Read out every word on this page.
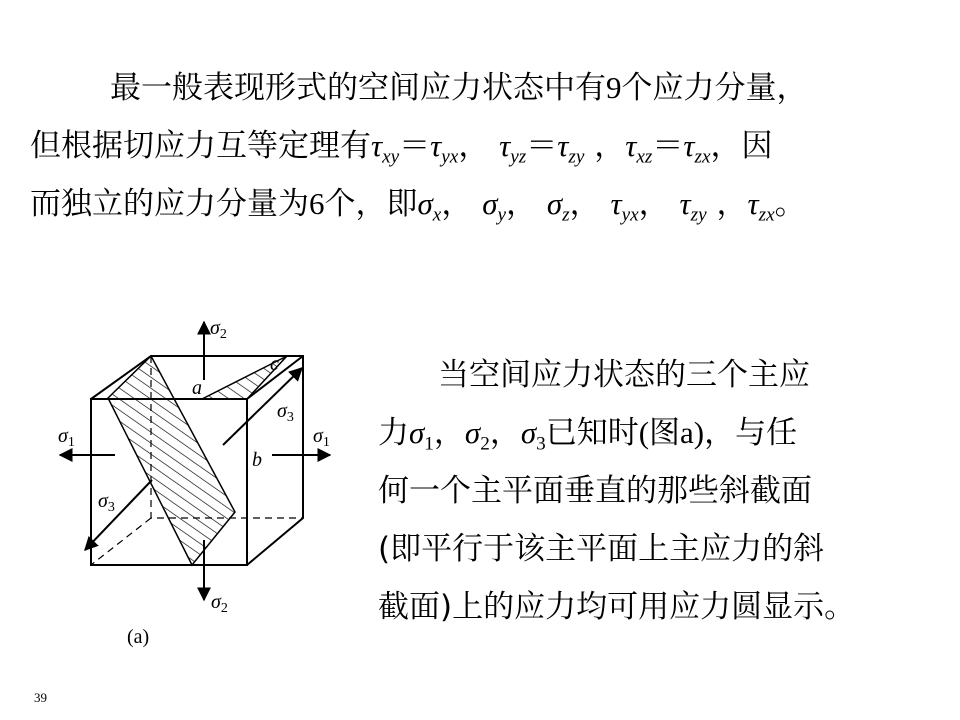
最一般表现形式的空间应力状态中有9个应力分量，
但根据切应力互等定理有$\tau_{xy}=\tau_{yx}$， $\tau_{yz}=\tau_{zy}$ ，$\tau_{xz}=\tau_{zx}$，因
而独立的应力分量为6个，即$\sigma_x$， $\sigma_y$， $\sigma_z$， $\tau_{yx}$， $\tau_{zy}$ ，$\tau_{zx}$。
$\sigma_2$
$\sigma_2$
$\sigma_1$	$\sigma_1$
$\sigma_3$
$\sigma_3$
a
b
c
(a)
当空间应力状态的三个主应
力$\sigma_1$，$\sigma_2$，$\sigma_3$已知时(图a)，与任
何一个主平面垂直的那些斜截面
(即平行于该主平面上主应力的斜
截面)上的应力均可用应力圆显示。
39
